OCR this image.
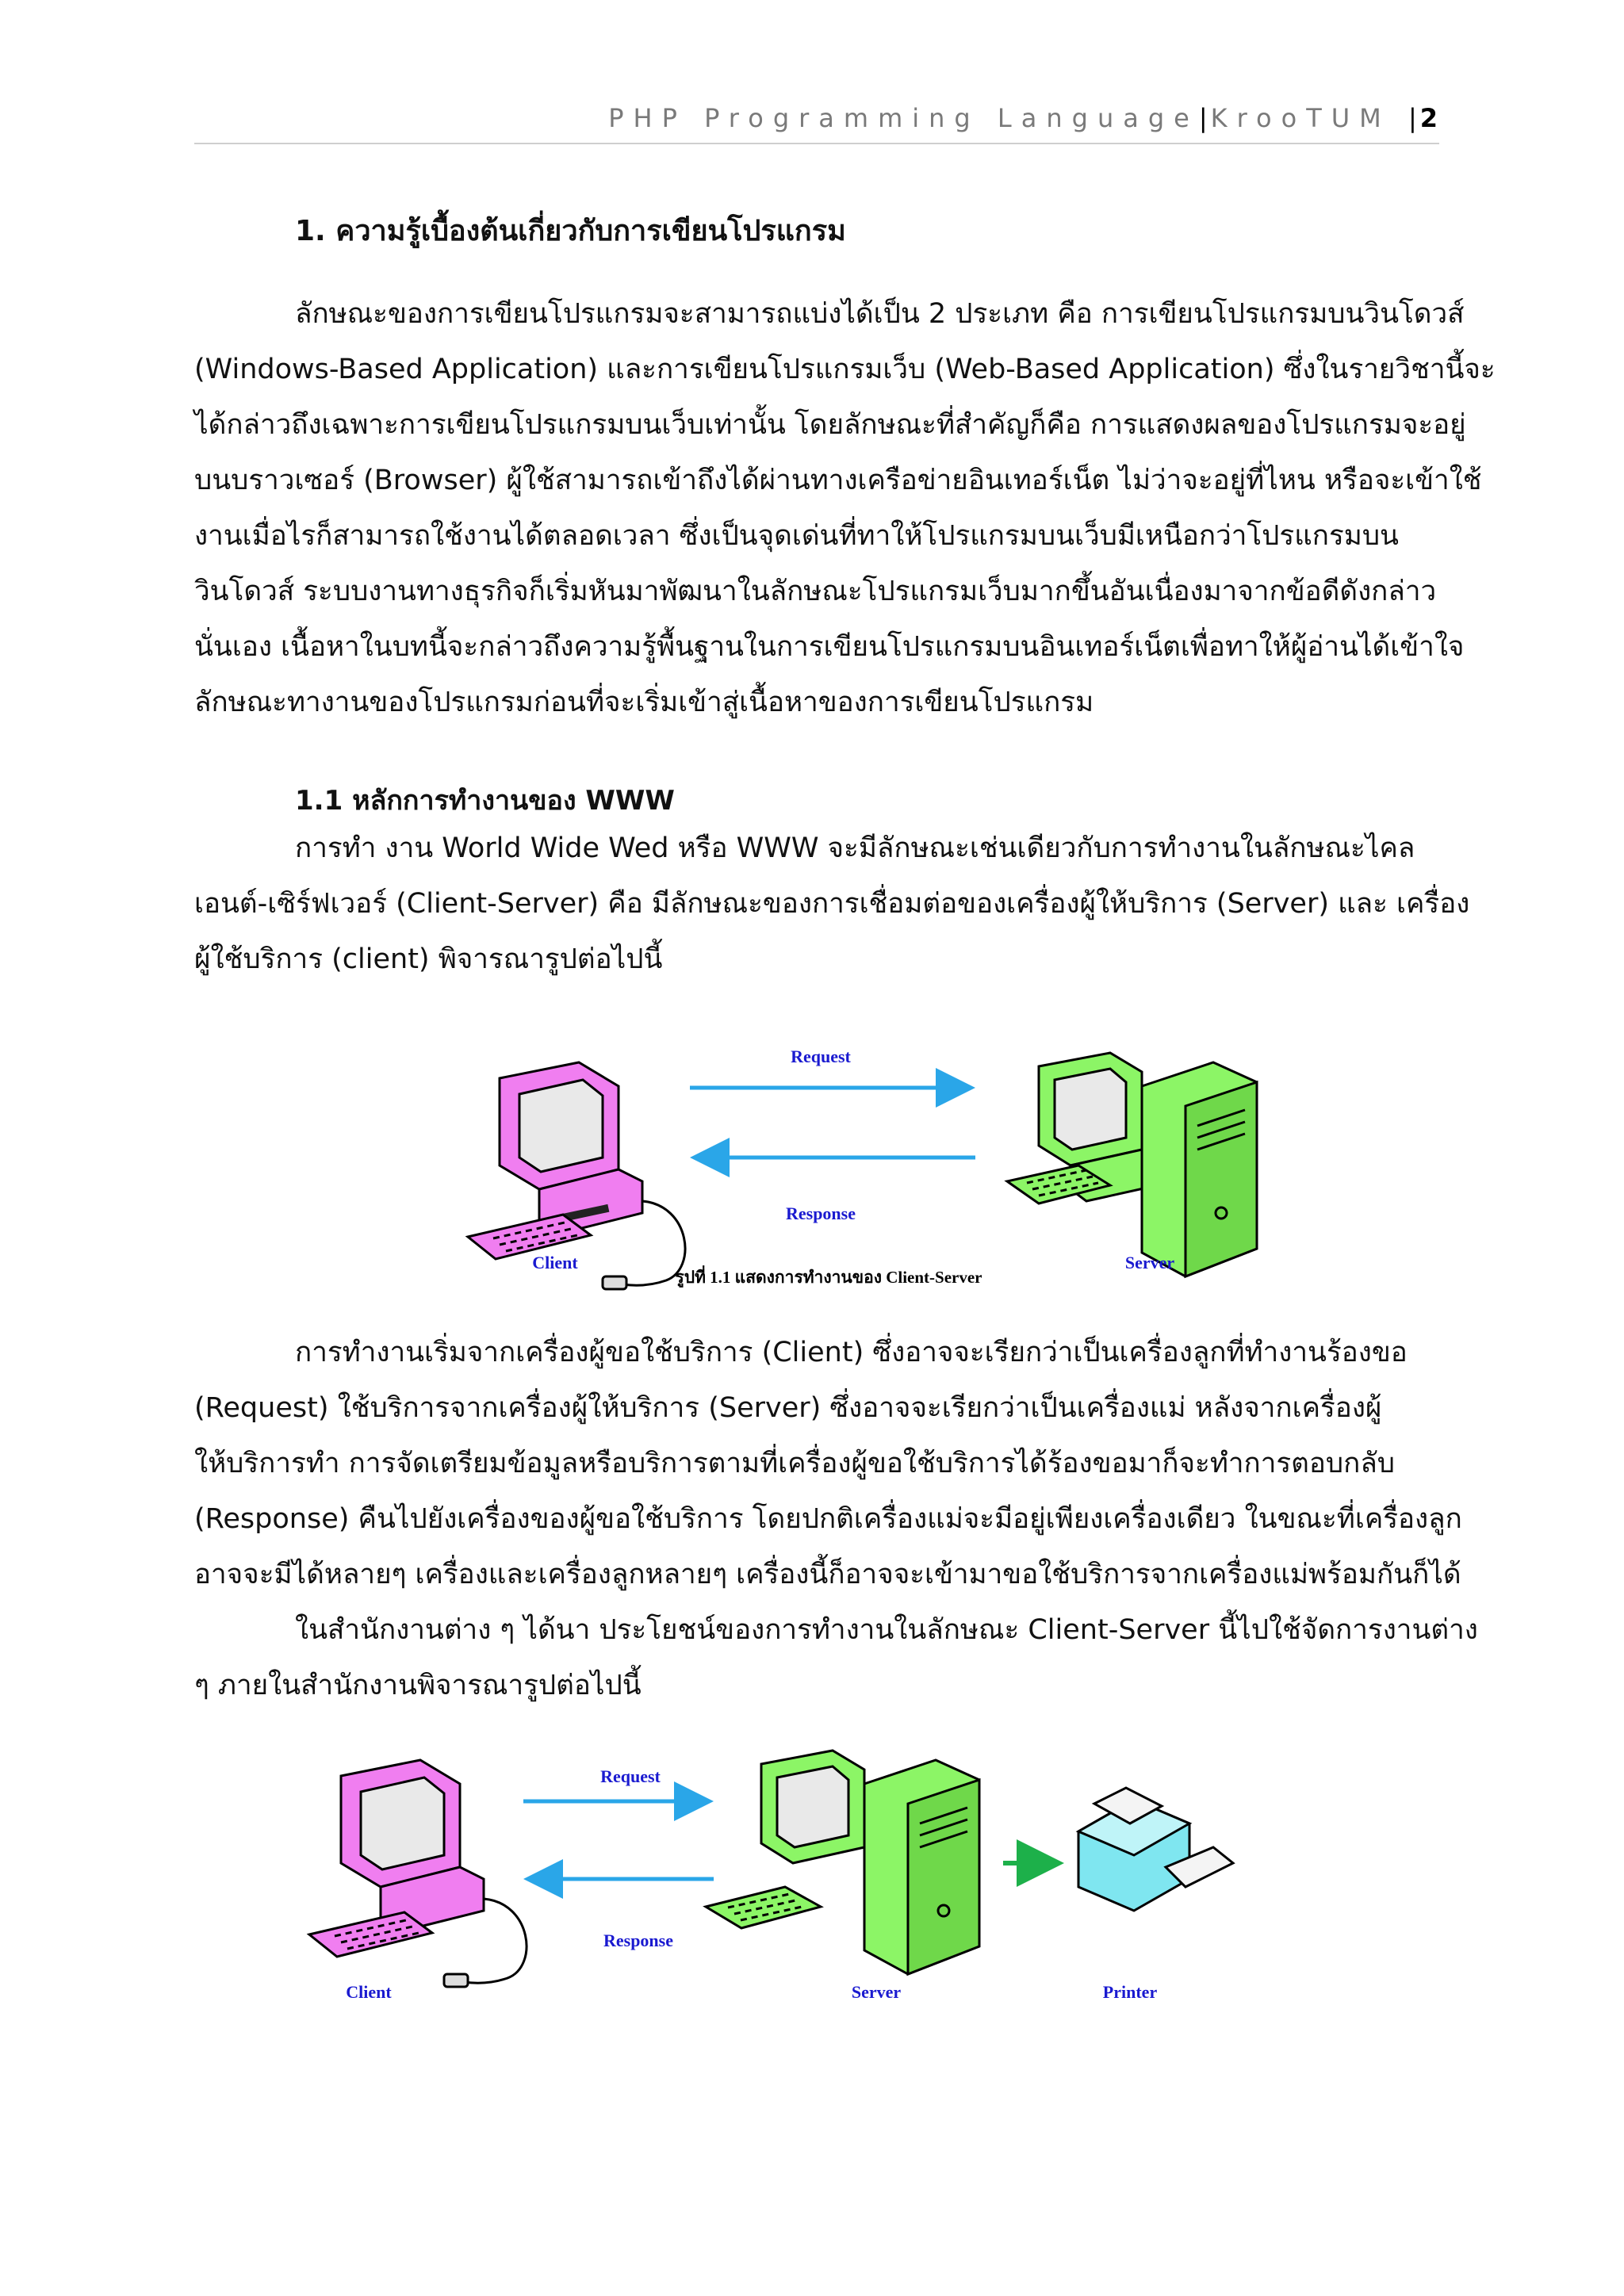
PHP Programming Language|KrooTUM |2
1. ความรู้เบื้องต้นเกี่ยวกับการเขียนโปรแกรม
ลักษณะของการเขียนโปรแกรมจะสามารถแบ่งได้เป็น 2 ประเภท คือ การเขียนโปรแกรมบนวินโดวส์
(Windows-Based Application) และการเขียนโปรแกรมเว็บ (Web-Based Application) ซึ่งในรายวิชานี้จะ
ได้กล่าวถึงเฉพาะการเขียนโปรแกรมบนเว็บเท่านั้น โดยลักษณะที่สำคัญก็คือ การแสดงผลของโปรแกรมจะอยู่
บนบราวเซอร์ (Browser) ผู้ใช้สามารถเข้าถึงได้ผ่านทางเครือข่ายอินเทอร์เน็ต ไม่ว่าจะอยู่ที่ไหน หรือจะเข้าใช้
งานเมื่อไรก็สามารถใช้งานได้ตลอดเวลา ซึ่งเป็นจุดเด่นที่ทาให้โปรแกรมบนเว็บมีเหนือกว่าโปรแกรมบน
วินโดวส์ ระบบงานทางธุรกิจก็เริ่มหันมาพัฒนาในลักษณะโปรแกรมเว็บมากขึ้นอันเนื่องมาจากข้อดีดังกล่าว
นั่นเอง เนื้อหาในบทนี้จะกล่าวถึงความรู้พื้นฐานในการเขียนโปรแกรมบนอินเทอร์เน็ตเพื่อทาให้ผู้อ่านได้เข้าใจ
ลักษณะทางานของโปรแกรมก่อนที่จะเริ่มเข้าสู่เนื้อหาของการเขียนโปรแกรม
1.1 หลักการทำงานของ WWW
การทำ งาน World Wide Wed หรือ WWW จะมีลักษณะเช่นเดียวกับการทำงานในลักษณะไคล
เอนต์-เซิร์ฟเวอร์ (Client-Server) คือ มีลักษณะของการเชื่อมต่อของเครื่องผู้ให้บริการ (Server) และ เครื่อง
ผู้ใช้บริการ (client) พิจารณารูปต่อไปนี้
Request
Response
Client	Server
รูปที่ 1.1 แสดงการทำงานของ Client-Server
การทำงานเริ่มจากเครื่องผู้ขอใช้บริการ (Client) ซึ่งอาจจะเรียกว่าเป็นเครื่องลูกที่ทำงานร้องขอ
(Request) ใช้บริการจากเครื่องผู้ให้บริการ (Server) ซึ่งอาจจะเรียกว่าเป็นเครื่องแม่ หลังจากเครื่องผู้
ให้บริการทำ การจัดเตรียมข้อมูลหรือบริการตามที่เครื่องผู้ขอใช้บริการได้ร้องขอมาก็จะทำการตอบกลับ
(Response) คืนไปยังเครื่องของผู้ขอใช้บริการ โดยปกติเครื่องแม่จะมีอยู่เพียงเครื่องเดียว ในขณะที่เครื่องลูก
อาจจะมีได้หลายๆ เครื่องและเครื่องลูกหลายๆ เครื่องนี้ก็อาจจะเข้ามาขอใช้บริการจากเครื่องแม่พร้อมกันก็ได้
ในสำนักงานต่าง ๆ ได้นา ประโยชน์ของการทำงานในลักษณะ Client-Server นี้ไปใช้จัดการงานต่าง
ๆ ภายในสำนักงานพิจารณารูปต่อไปนี้
Request
Response
Client	Server	Printer
